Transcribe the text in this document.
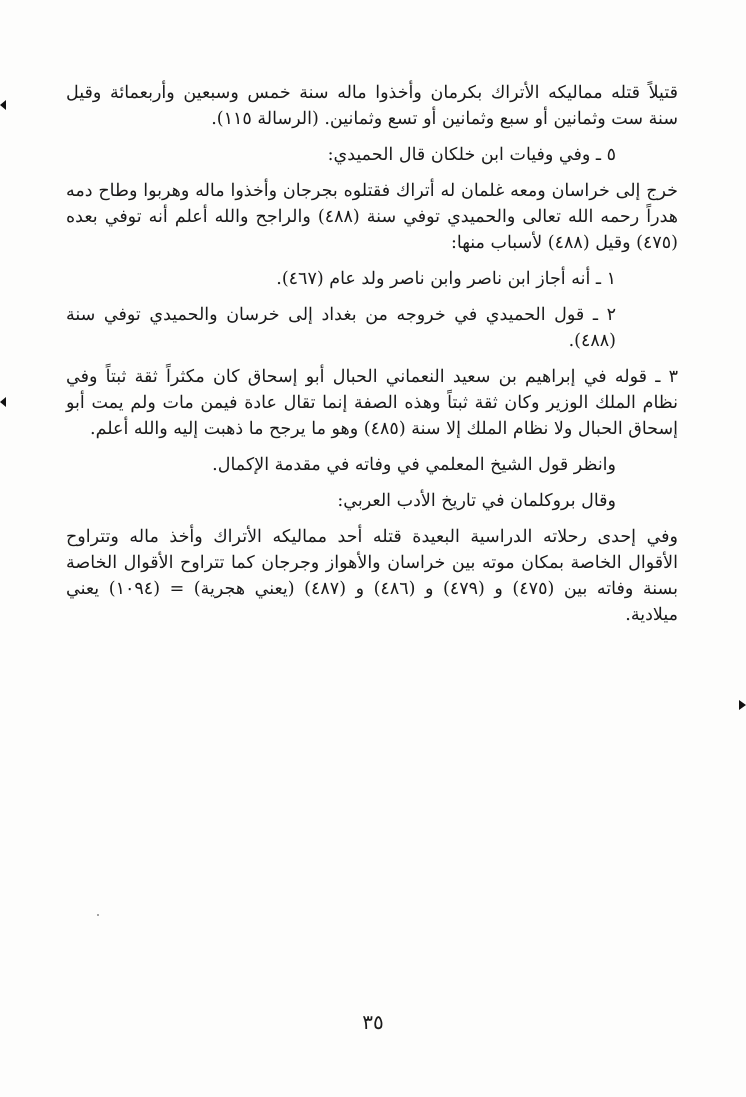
قتيلاً قتله مماليكه الأتراك بكرمان وأخذوا ماله سنة خمس وسبعين وأربعمائة وقيل سنة ست وثمانين أو سبع وثمانين أو تسع وثمانين. (الرسالة ١١٥).

٥ ـ وفي وفيات ابن خلكان قال الحميدي:

خرج إلى خراسان ومعه غلمان له أتراك فقتلوه بجرجان وأخذوا ماله وهربوا وطاح دمه هدراً رحمه الله تعالى والحميدي توفي سنة (٤٨٨) والراجح والله أعلم أنه توفي بعده (٤٧٥) وقيل (٤٨٨) لأسباب منها:

١ ـ أنه أجاز ابن ناصر وابن ناصر ولد عام (٤٦٧).

٢ ـ قول الحميدي في خروجه من بغداد إلى خرسان والحميدي توفي سنة (٤٨٨).

٣ ـ قوله في إبراهيم بن سعيد النعماني الحبال أبو إسحاق كان مكثراً ثقة ثبتاً وفي نظام الملك الوزير وكان ثقة ثبتاً وهذه الصفة إنما تقال عادة فيمن مات ولم يمت أبو إسحاق الحبال ولا نظام الملك إلا سنة (٤٨٥) وهو ما يرجح ما ذهبت إليه والله أعلم.

وانظر قول الشيخ المعلمي في وفاته في مقدمة الإكمال.

وقال بروكلمان في تاريخ الأدب العربي:

وفي إحدى رحلاته الدراسية البعيدة قتله أحد مماليكه الأتراك وأخذ ماله وتتراوح الأقوال الخاصة بمكان موته بين خراسان والأهواز وجرجان كما تتراوح الأقوال الخاصة بسنة وفاته بين (٤٧٥) و (٤٧٩) و (٤٨٦) و (٤٨٧) (يعني هجرية) = (١٠٩٤) يعني ميلادية.

٣٥
